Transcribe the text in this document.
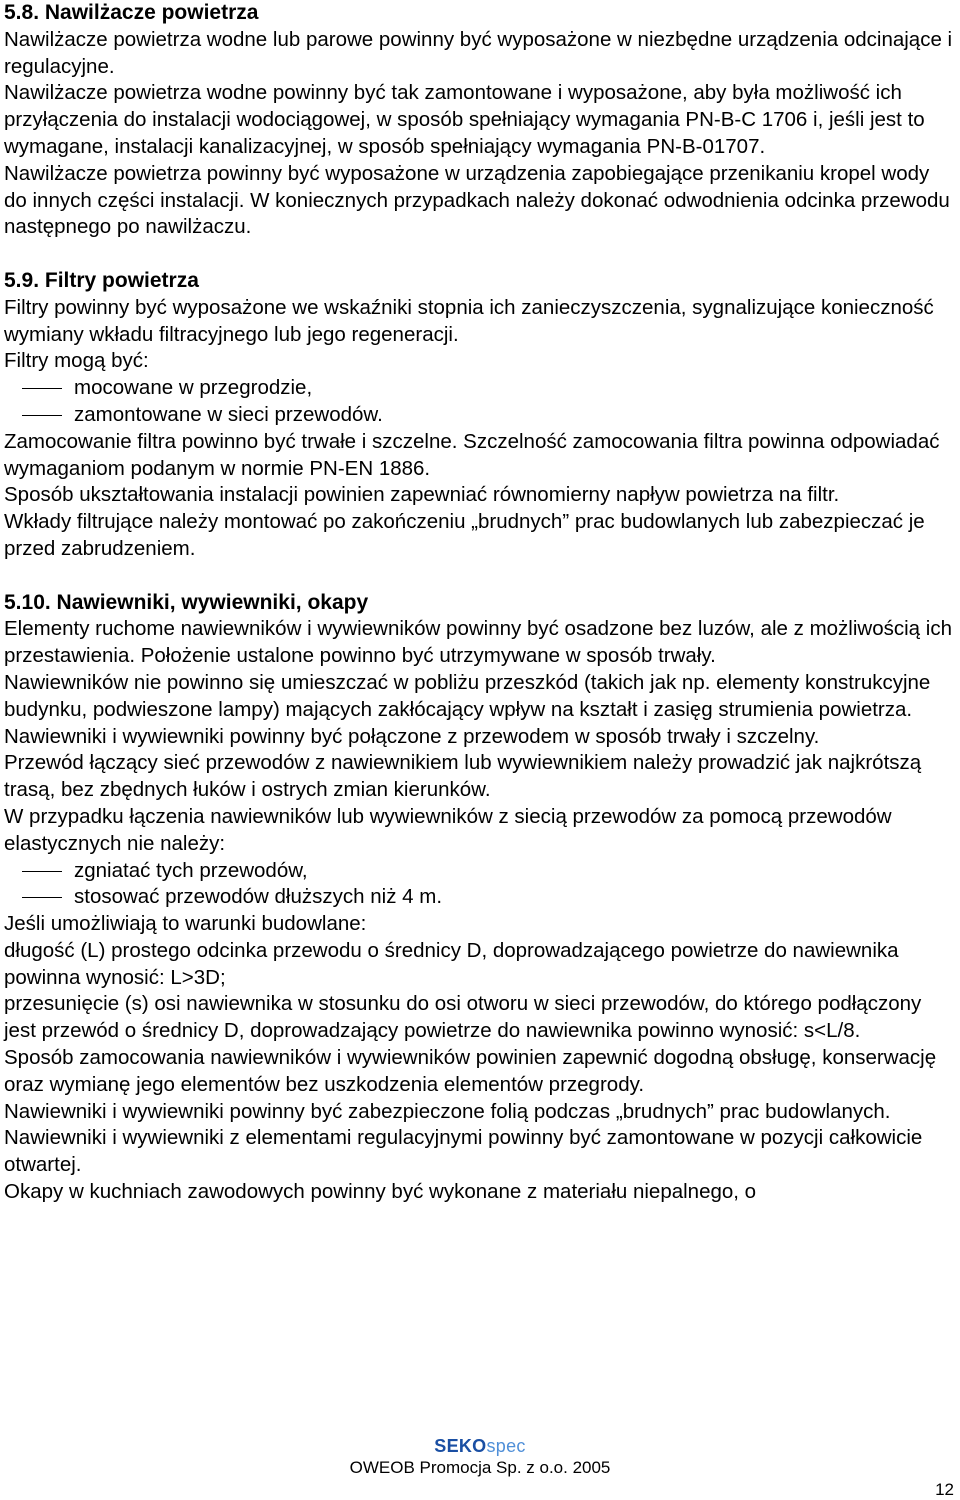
5.8. Nawilżacze powietrza

Nawilżacze powietrza wodne lub parowe powinny być wyposażone w niezbędne urządzenia odcinające i regulacyjne.

Nawilżacze powietrza wodne powinny być tak zamontowane i wyposażone, aby była możliwość ich przyłączenia do instalacji wodociągowej, w sposób spełniający wymagania PN-B-C 1706 i, jeśli jest to wymagane, instalacji kanalizacyjnej, w sposób spełniający wymagania PN-B-01707.

Nawilżacze powietrza powinny być wyposażone w urządzenia zapobiegające przenikaniu kropel wody do innych części instalacji. W koniecznych przypadkach należy dokonać odwodnienia odcinka przewodu następnego po nawilżaczu.

5.9. Filtry powietrza

Filtry powinny być wyposażone we wskaźniki stopnia ich zanieczyszczenia, sygnalizujące konieczność wymiany wkładu filtracyjnego lub jego regeneracji.

Filtry mogą być:

mocowane w przegrodzie,

zamontowane w sieci przewodów.

Zamocowanie filtra powinno być trwałe i szczelne. Szczelność zamocowania filtra powinna odpowiadać wymaganiom podanym w normie PN-EN 1886.

Sposób ukształtowania instalacji powinien zapewniać równomierny napływ powietrza na filtr.

Wkłady filtrujące należy montować po zakończeniu „brudnych” prac budowlanych lub zabezpieczać je przed zabrudzeniem.

5.10. Nawiewniki, wywiewniki, okapy

Elementy ruchome nawiewników i wywiewników powinny być osadzone bez luzów, ale z możliwością ich przestawienia. Położenie ustalone powinno być utrzymywane w sposób trwały.

Nawiewników nie powinno się umieszczać w pobliżu przeszkód (takich jak np. elementy konstrukcyjne budynku, podwieszone lampy) mających zakłócający wpływ na kształt i zasięg strumienia powietrza.

Nawiewniki i wywiewniki powinny być połączone z przewodem w sposób trwały i szczelny.

Przewód łączący sieć przewodów z nawiewnikiem lub wywiewnikiem należy prowadzić jak najkrótszą trasą, bez zbędnych łuków i ostrych zmian kierunków.

W przypadku łączenia nawiewników lub wywiewników z siecią przewodów za pomocą przewodów elastycznych nie należy:

zgniatać tych przewodów,

stosować przewodów dłuższych niż 4 m.

Jeśli umożliwiają to warunki budowlane:

długość (L) prostego odcinka przewodu o średnicy D, doprowadzającego powietrze do nawiewnika powinna wynosić: L>3D;

przesunięcie (s) osi nawiewnika w stosunku do osi otworu w sieci przewodów, do którego podłączony jest przewód o średnicy D, doprowadzający powietrze do nawiewnika powinno wynosić: s<L/8.

Sposób zamocowania nawiewników i wywiewników powinien zapewnić dogodną obsługę, konserwację oraz wymianę jego elementów bez uszkodzenia elementów przegrody.

Nawiewniki i wywiewniki powinny być zabezpieczone folią podczas „brudnych” prac budowlanych.

Nawiewniki i wywiewniki z elementami regulacyjnymi powinny być zamontowane w pozycji całkowicie otwartej.

Okapy w kuchniach zawodowych powinny być wykonane z materiału niepalnego, o

SEKOspec
OWEOB Promocja Sp. z o.o. 2005
12
